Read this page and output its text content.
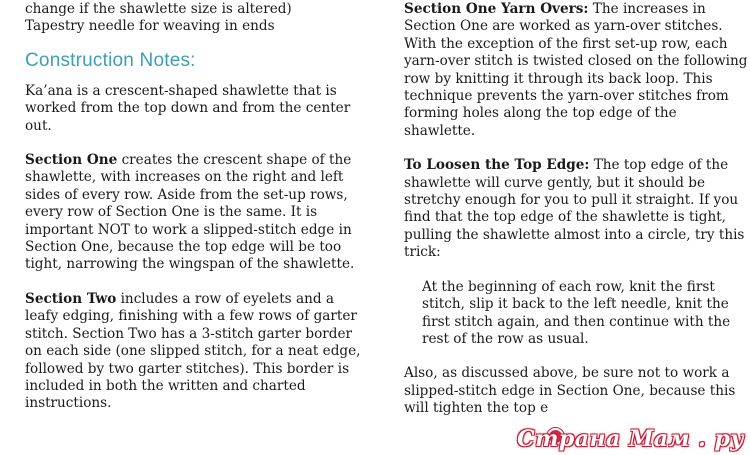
change if the shawlette size is altered)

Tapestry needle for weaving in ends

Construction Notes:

Ka’ana is a crescent-shaped shawlette that is worked from the top down and from the center out.

Section One creates the crescent shape of the shawlette, with increases on the right and left sides of every row. Aside from the set-up rows, every row of Section One is the same. It is important NOT to work a slipped-stitch edge in Section One, because the top edge will be too tight, narrowing the wingspan of the shawlette.

Section Two includes a row of eyelets and a leafy edging, finishing with a few rows of garter stitch. Section Two has a 3-stitch garter border on each side (one slipped stitch, for a neat edge, followed by two garter stitches). This border is included in both the written and charted instructions.

Section One Yarn Overs: The increases in Section One are worked as yarn-over stitches. With the exception of the first set-up row, each yarn-over stitch is twisted closed on the following row by knitting it through its back loop. This technique prevents the yarn-over stitches from forming holes along the top edge of the shawlette.

To Loosen the Top Edge: The top edge of the shawlette will curve gently, but it should be stretchy enough for you to pull it straight. If you find that the top edge of the shawlette is tight, pulling the shawlette almost into a circle, try this trick:

At the beginning of each row, knit the first stitch, slip it back to the left needle, knit the first stitch again, and then continue with the rest of the row as usual.

Also, as discussed above, be sure not to work a slipped-stitch edge in Section One, because this will tighten the top e

Страна Мам . ру
